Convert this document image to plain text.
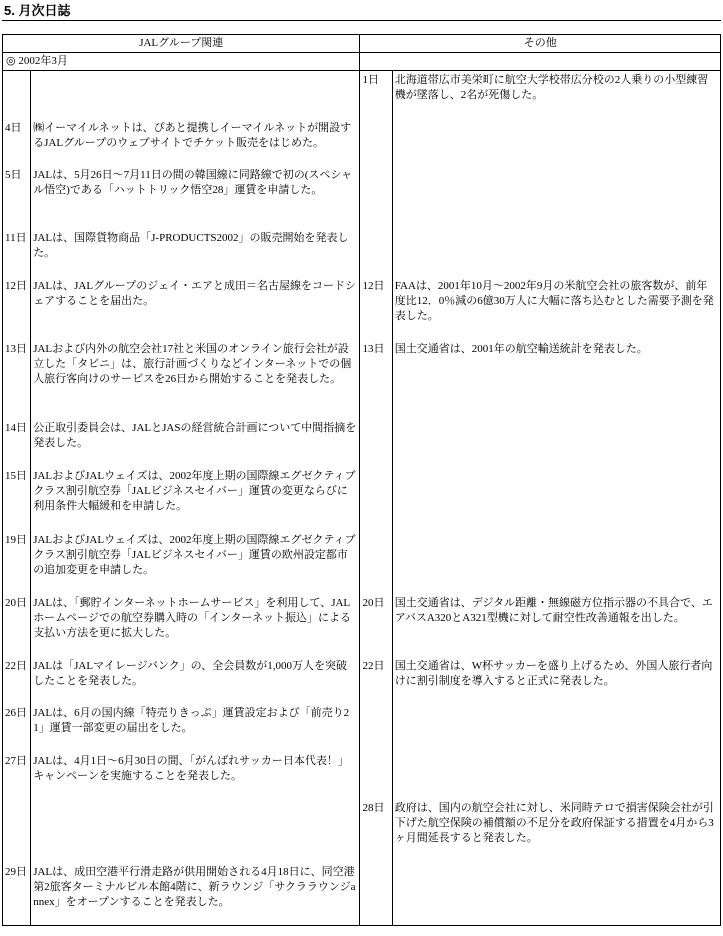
5. 月次日誌
JALグループ関連		その他	
◎ 2002年3月			
		1日	北海道帯広市美栄町に航空大学校帯広分校の2人乗りの小型練習機が墜落し、2名が死傷した。
4日	㈱イーマイルネットは、ぴあと提携しイーマイルネットが開設するJALグループのウェブサイトでチケット販売をはじめた。		
5日	JALは、5月26日～7月11日の間の韓国線に同路線で初の(スペシャル悟空)である「ハットトリック悟空28」運賃を申請した。		
11日	JALは、国際貨物商品「J-PRODUCTS2002」の販売開始を発表した。		
12日	JALは、JALグループのジェイ・エアと成田＝名古屋線をコードシェアすることを届出た。	12日	FAAは、2001年10月～2002年9月の米航空会社の旅客数が、前年度比12．0％減の6億30万人に大幅に落ち込むとした需要予測を発表した。
13日	JALおよび内外の航空会社17社と米国のオンライン旅行会社が設立した「タビニ」は、旅行計画づくりなどインターネットでの個人旅行客向けのサービスを26日から開始することを発表した。	13日	国土交通省は、2001年の航空輸送統計を発表した。
14日	公正取引委員会は、JALとJASの経営統合計画について中間指摘を発表した。		
15日	JALおよびJALウェイズは、2002年度上期の国際線エグゼクティブクラス割引航空券「JALビジネスセイバー」運賃の変更ならびに利用条件大幅緩和を申請した。		
19日	JALおよびJALウェイズは、2002年度上期の国際線エグゼクティブクラス割引航空券「JALビジネスセイバー」運賃の欧州設定都市の追加変更を申請した。		
20日	JALは、「郵貯インターネットホームサービス」を利用して、JALホームページでの航空券購入時の「インターネット振込」による支払い方法を更に拡大した。	20日	国土交通省は、デジタル距離・無線磁方位指示器の不具合で、エアバスA320とA321型機に対して耐空性改善通報を出した。
22日	JALは「JALマイレージバンク」の、全会員数が1,000万人を突破したことを発表した。	22日	国土交通省は、W杯サッカーを盛り上げるため、外国人旅行者向けに割引制度を導入すると正式に発表した。
26日	JALは、6月の国内線「特売りきっぷ」運賃設定および「前売り21」運賃一部変更の届出をした。		
27日	JALは、4月1日～6月30日の間、「がんばれサッカー日本代表！」キャンペーンを実施することを発表した。		
		28日	政府は、国内の航空会社に対し、米同時テロで損害保険会社が引下げた航空保険の補償額の不足分を政府保証する措置を4月から3ヶ月間延長すると発表した。
29日	JALは、成田空港平行滑走路が供用開始される4月18日に、同空港第2旅客ターミナルビル本館4階に、新ラウンジ「サクララウンジannex」をオープンすることを発表した。		
